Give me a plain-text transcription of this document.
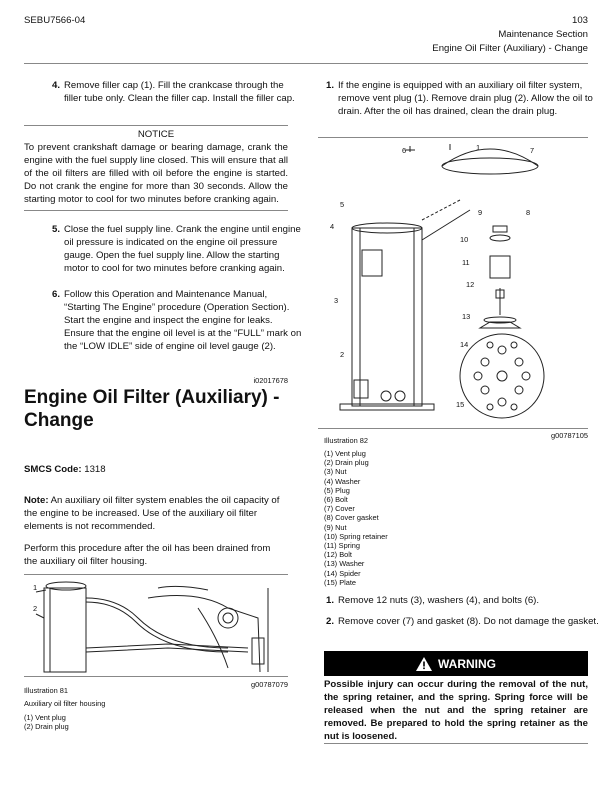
SEBU7566-04	103
Maintenance Section
Engine Oil Filter (Auxiliary) - Change
4. Remove filler cap (1). Fill the crankcase through the filler tube only. Clean the filler cap. Install the filler cap.
NOTICE
To prevent crankshaft damage or bearing damage, crank the engine with the fuel supply line closed. This will ensure that all of the oil filters are filled with oil before the engine is started. Do not crank the engine for more than 30 seconds. Allow the starting motor to cool for two minutes before cranking again.
5. Close the fuel supply line. Crank the engine until engine oil pressure is indicated on the engine oil pressure gauge. Open the fuel supply line. Allow the starting motor to cool for two minutes before cranking again.
6. Follow this Operation and Maintenance Manual, “Starting The Engine” procedure (Operation Section). Start the engine and inspect the engine for leaks. Ensure that the engine oil level is at the “FULL” mark on the “LOW IDLE” side of engine oil level gauge (2).
i02017678
Engine Oil Filter (Auxiliary) - Change
SMCS Code: 1318
Note: An auxiliary oil filter system enables the oil capacity of the engine to be increased. Use of the auxiliary oil filter elements is not recommended.
Perform this procedure after the oil has been drained from the auxiliary oil filter housing.
1
2
Illustration 81
g00787079
Auxiliary oil filter housing
(1) Vent plug
(2) Drain plug
1. If the engine is equipped with an auxiliary oil filter system, remove vent plug (1). Remove drain plug (2). Allow the oil to drain. After the oil has drained, clean the drain plug.
6	1	7
5
9	8
4
10
11
12
3
13
14
2
15
Illustration 82
g00787105
(1) Vent plug
(2) Drain plug
(3) Nut
(4) Washer
(5) Plug
(6) Bolt
(7) Cover
(8) Cover gasket
(9) Nut
(10) Spring retainer
(11) Spring
(12) Bolt
(13) Washer
(14) Spider
(15) Plate
1. Remove 12 nuts (3), washers (4), and bolts (6).
2. Remove cover (7) and gasket (8). Do not damage the gasket.
WARNING
Possible injury can occur during the removal of the nut, the spring retainer, and the spring. Spring force will be released when the nut and the spring retainer are removed. Be prepared to hold the spring retainer as the nut is loosened.
